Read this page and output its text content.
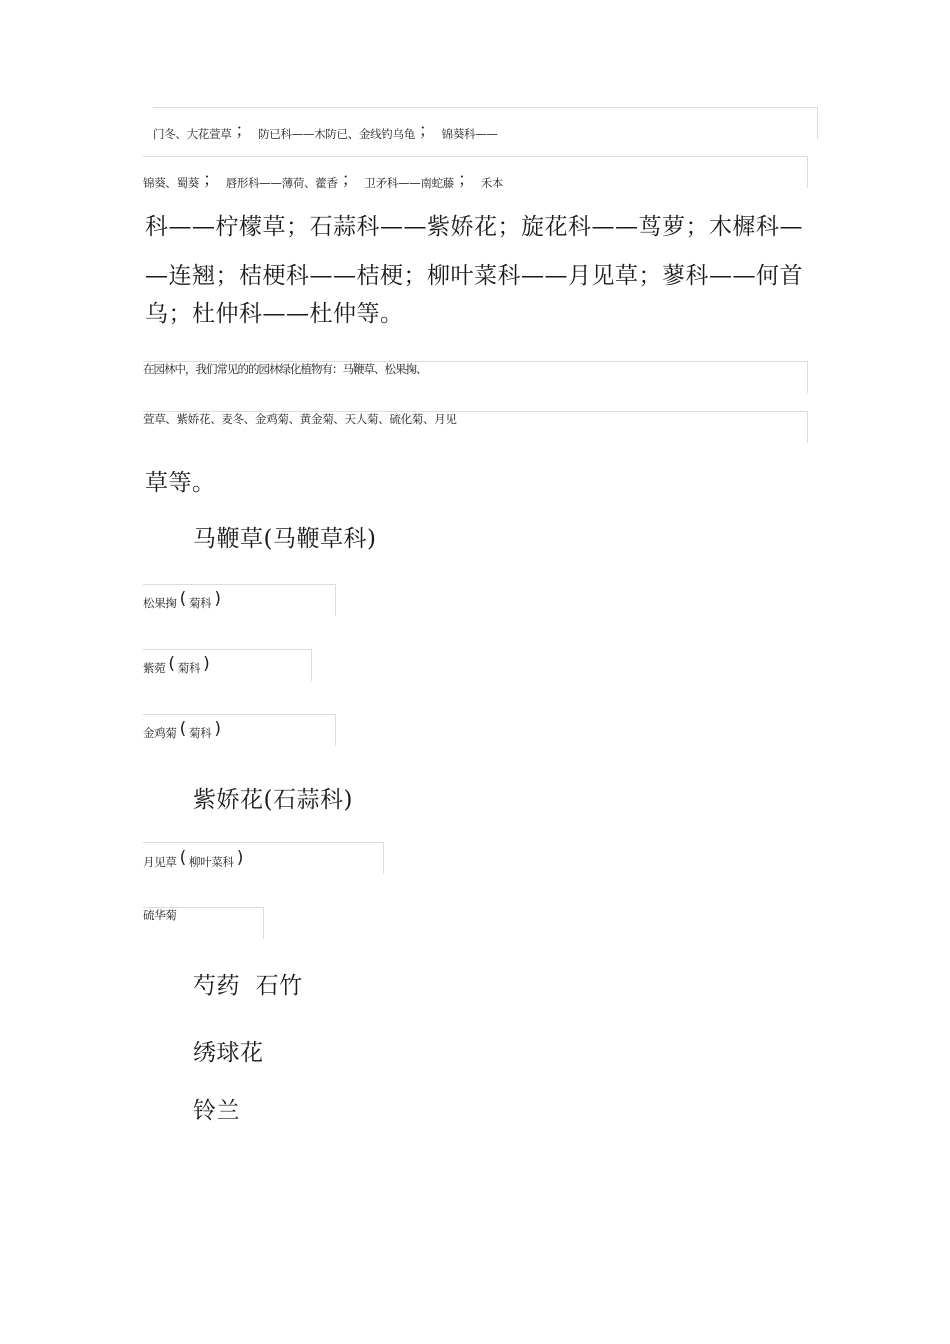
门冬、大花萱草 ； 防已科——木防已、金线钓乌龟 ； 锦葵科——
锦葵、蜀葵 ； 唇形科——薄荷、藿香 ； 卫矛科——南蛇藤 ； 禾本
科——柠檬草；石蒜科——紫娇花；旋花科——茑萝；木樨科—
—连翘；桔梗科——桔梗；柳叶菜科——月见草；蓼科——何首
乌；杜仲科——杜仲等。
在园林中，我们常见的的园林绿化植物有：马鞭草、松果掬、
萱草、紫娇花、麦冬、金鸡菊、黄金菊、天人菊、硫化菊、月见
草等。
马鞭草(马鞭草科)
松果掬 ( 菊科 )
紫菀 ( 菊科 )
金鸡菊 ( 菊科 )
紫娇花(石蒜科)
月见草 ( 柳叶菜科 )
硫华菊
芍药  石竹
绣球花
铃兰
